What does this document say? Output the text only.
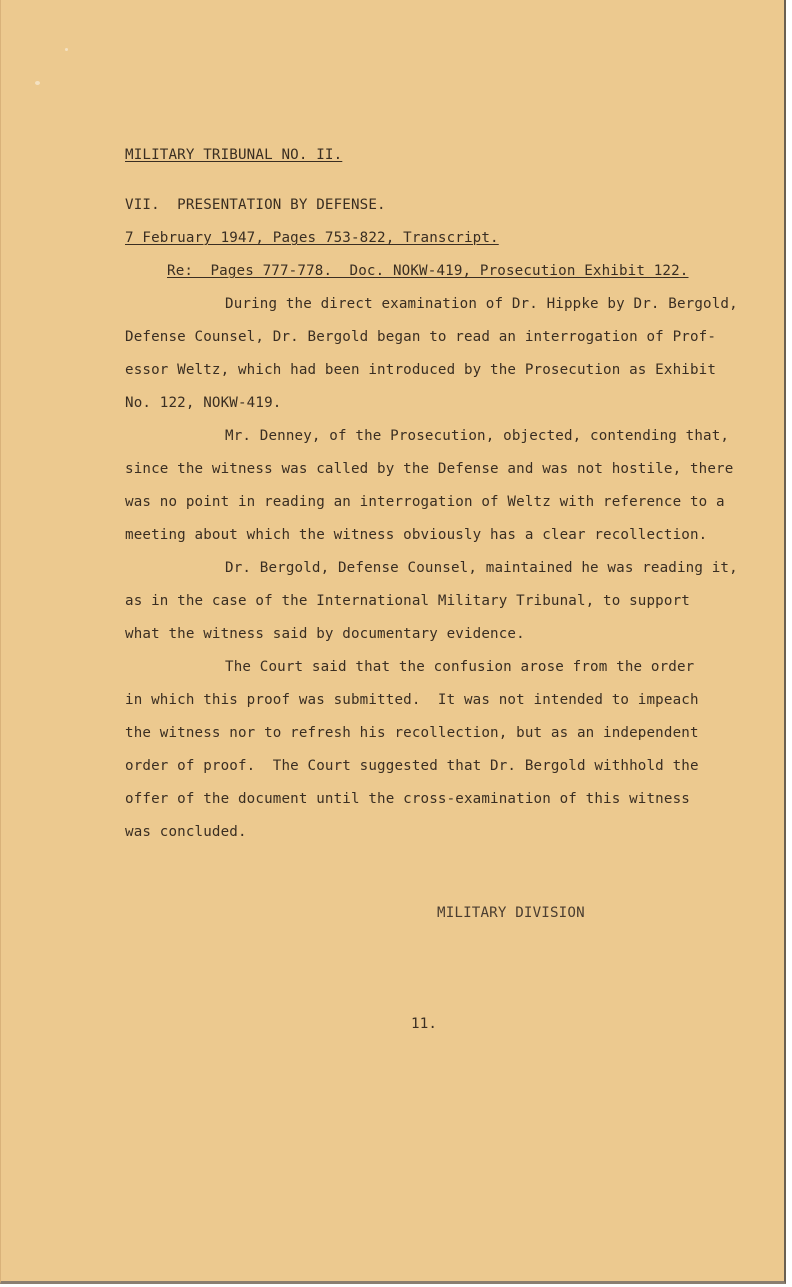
MILITARY TRIBUNAL NO. II.
VII.  PRESENTATION BY DEFENSE.
7 February 1947, Pages 753-822, Transcript.
Re:  Pages 777-778.  Doc. NOKW-419, Prosecution Exhibit 122.
During the direct examination of Dr. Hippke by Dr. Bergold,
Defense Counsel, Dr. Bergold began to read an interrogation of Prof-
essor Weltz, which had been introduced by the Prosecution as Exhibit
No. 122, NOKW-419.
Mr. Denney, of the Prosecution, objected, contending that,
since the witness was called by the Defense and was not hostile, there
was no point in reading an interrogation of Weltz with reference to a
meeting about which the witness obviously has a clear recollection.
Dr. Bergold, Defense Counsel, maintained he was reading it,
as in the case of the International Military Tribunal, to support
what the witness said by documentary evidence.
The Court said that the confusion arose from the order
in which this proof was submitted.  It was not intended to impeach
the witness nor to refresh his recollection, but as an independent
order of proof.  The Court suggested that Dr. Bergold withhold the
offer of the document until the cross-examination of this witness
was concluded.
MILITARY DIVISION
11.
